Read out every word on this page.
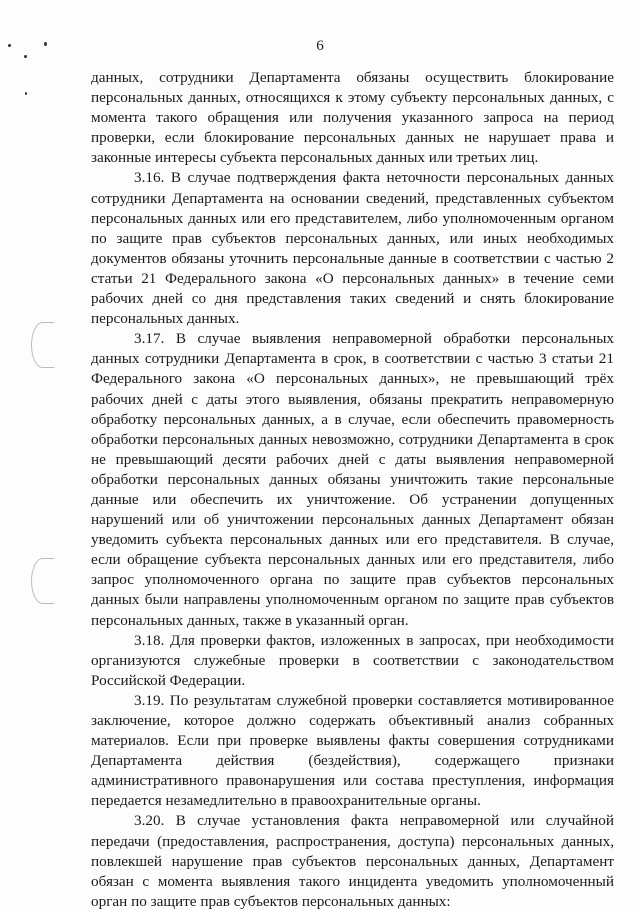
6

данных, сотрудники Департамента обязаны осуществить блокирование персональных данных, относящихся к этому субъекту персональных данных, с момента такого обращения или получения указанного запроса на период проверки, если блокирование персональных данных не нарушает права и законные интересы субъекта персональных данных или третьих лиц.

3.16. В случае подтверждения факта неточности персональных данных сотрудники Департамента на основании сведений, представленных субъектом персональных данных или его представителем, либо уполномоченным органом по защите прав субъектов персональных данных, или иных необходимых документов обязаны уточнить персональные данные в соответствии с частью 2 статьи 21 Федерального закона «О персональных данных» в течение семи рабочих дней со дня представления таких сведений и снять блокирование персональных данных.

3.17. В случае выявления неправомерной обработки персональных данных сотрудники Департамента в срок, в соответствии с частью 3 статьи 21 Федерального закона «О персональных данных», не превышающий трёх рабочих дней с даты этого выявления, обязаны прекратить неправомерную обработку персональных данных, а в случае, если обеспечить правомерность обработки персональных данных невозможно, сотрудники Департамента в срок не превышающий десяти рабочих дней с даты выявления неправомерной обработки персональных данных обязаны уничтожить такие персональные данные или обеспечить их уничтожение. Об устранении допущенных нарушений или об уничтожении персональных данных Департамент обязан уведомить субъекта персональных данных или его представителя. В случае, если обращение субъекта персональных данных или его представителя, либо запрос уполномоченного органа по защите прав субъектов персональных данных были направлены уполномоченным органом по защите прав субъектов персональных данных, также в указанный орган.

3.18. Для проверки фактов, изложенных в запросах, при необходимости организуются служебные проверки в соответствии с законодательством Российской Федерации.

3.19. По результатам служебной проверки составляется мотивированное заключение, которое должно содержать объективный анализ собранных материалов. Если при проверке выявлены факты совершения сотрудниками Департамента действия (бездействия), содержащего признаки административного правонарушения или состава преступления, информация передается незамедлительно в правоохранительные органы.

3.20. В случае установления факта неправомерной или случайной передачи (предоставления, распространения, доступа) персональных данных, повлекшей нарушение прав субъектов персональных данных, Департамент обязан с момента выявления такого инцидента уведомить уполномоченный орган по защите прав субъектов персональных данных:
